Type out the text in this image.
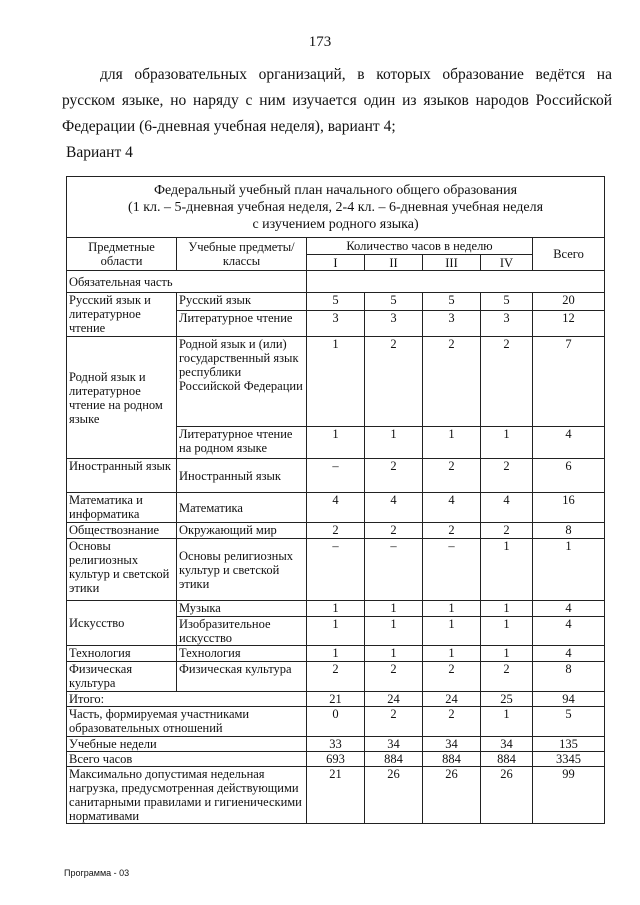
173

для образовательных организаций, в которых образование ведётся на русском языке, но наряду с ним изучается один из языков народов Российской Федерации (6-дневная учебная неделя), вариант 4;

Вариант 4
Федеральный учебный план начального общего образования
(1 кл. – 5-дневная учебная неделя, 2-4 кл. – 6-дневная учебная неделя
с изучением родного языка)						

Предметные области	Учебные предметы/ классы	Количество часов в неделю				Всего
		I	II	III	IV	
Обязательная часть						
Русский язык и литературное чтение	Русский язык	5	5	5	5	20
	Литературное чтение	3	3	3	3	12
Родной язык и литературное чтение на родном языке	Родной язык и (или) государственный язык республики Российской Федерации	1	2	2	2	7
	Литературное чтение на родном языке	1	1	1	1	4
Иностранный язык	Иностранный язык	–	2	2	2	6
Математика и информатика	Математика	4	4	4	4	16
Обществознание	Окружающий мир	2	2	2	2	8
Основы религиозных культур и светской этики	Основы религиозных культур и светской этики	–	–	–	1	1
Искусство	Музыка	1	1	1	1	4
	Изобразительное искусство	1	1	1	1	4
Технология	Технология	1	1	1	1	4
Физическая культура	Физическая культура	2	2	2	2	8
Итого:		21	24	24	25	94
Часть, формируемая участниками образовательных отношений		0	2	2	1	5
Учебные недели		33	34	34	34	135
Всего часов		693	884	884	884	3345
Максимально допустимая недельная нагрузка, предусмотренная действующими санитарными правилами и гигиеническими нормативами		21	26	26	26	99
Программа - 03
